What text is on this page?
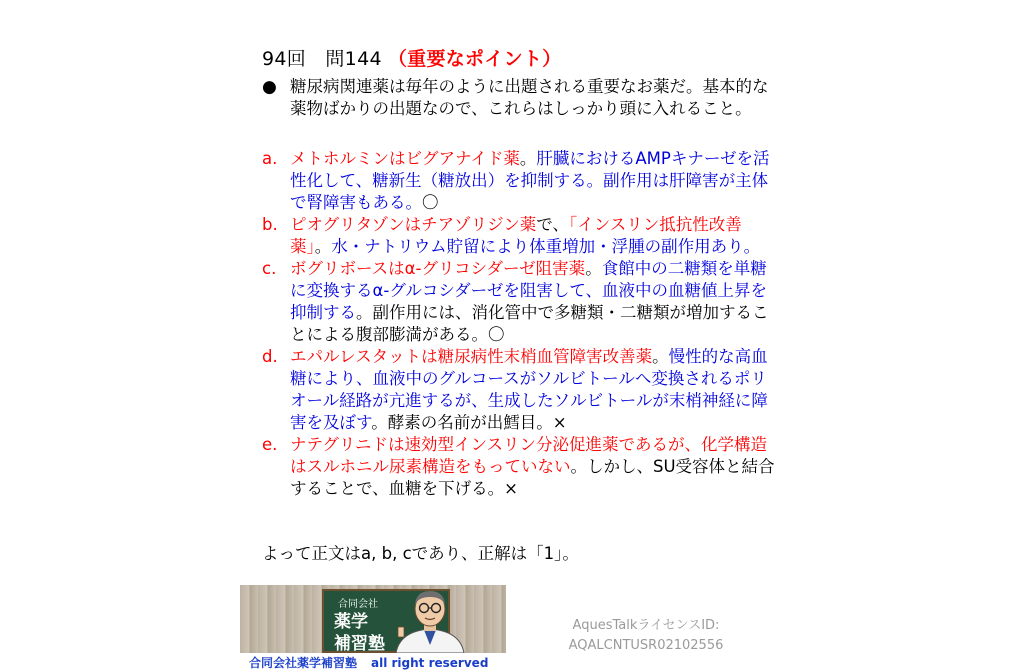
94回　問144 （重要なポイント）
● 糖尿病関連薬は毎年のように出題される重要なお薬だ。基本的な薬物ばかりの出題なので、これらはしっかり頭に入れること。
a. メトホルミンはビグアナイド薬。肝臓におけるAMPキナーゼを活性化して、糖新生（糖放出）を抑制する。副作用は肝障害が主体で腎障害もある。〇
b. ピオグリタゾンはチアゾリジン薬で、「インスリン抵抗性改善薬」。水・ナトリウム貯留により体重増加・浮腫の副作用あり。
c. ボグリボースはα-グリコシダーゼ阻害薬。食館中の二糖類を単糖に変換するα-グルコシダーゼを阻害して、血液中の血糖値上昇を抑制する。副作用には、消化管中で多糖類・二糖類が増加することによる腹部膨満がある。〇
d. エパルレスタットは糖尿病性末梢血管障害改善薬。慢性的な高血糖により、血液中のグルコースがソルビトールへ変換されるポリオール経路が亢進するが、生成したソルビトールが末梢神経に障害を及ぼす。酵素の名前が出鱈目。×
e. ナテグリニドは速効型インスリン分泌促進薬であるが、化学構造はスルホニル尿素構造をもっていない。しかし、SU受容体と結合することで、血糖を下げる。×
よって正文はa, b, cであり、正解は「1」。
合同会社
薬学
補習塾
合同会社薬学補習塾 all right reserved
AquesTalkライセンスID:
AQALCNTUSR02102556
